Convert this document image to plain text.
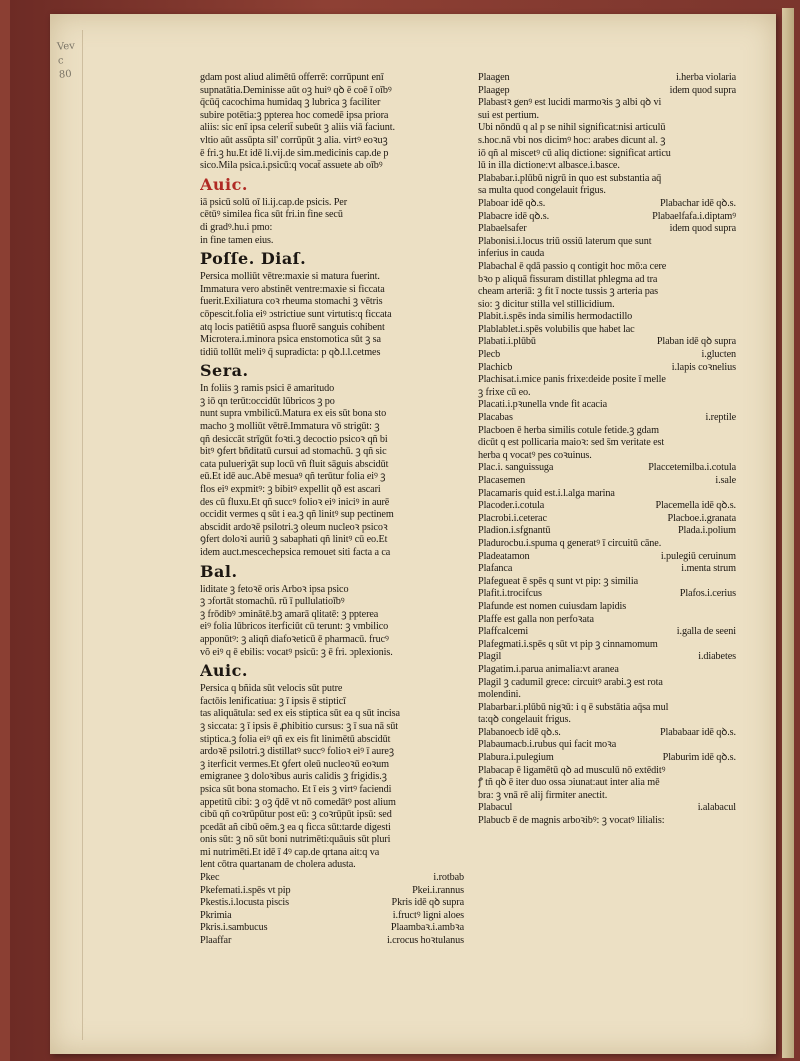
Vev
c
80	gdam post aliud alimētū offerrē: corrūpunt enī

supnatātia.Deminisse aūt oꝫ huiꝰ qꝺ ē coē ī oībꝰ

q̄cūq̄ cacochima humidaq ꝫ lubrica ꝫ faciliter

subire potētia:ꝫ ppterea hoc comedē ipsa priora

aliis: sic enī ipsa celerit̄ subeūt ꝫ aliis viā faciunt.

vltio aūt assūpta sil' corrūpūt ꝫ alia. virtꝰ eoꝛuꝫ

ē fri.ꝫ hu.Et idē li.vij.de sim.medicinis cap.de p

sico.Mila psica.i.psicū:q vocat̄ assuete ab oībꝰ

Auic.

iā psicū solū oī li.ij.cap.de psicis. Per

cētūꝰ similea fica sūt fri.in fine secū

di gradꝰ.hu.i pmo:

in fine tamen eius.

Poſſe. Diaſ.

Persica molliūt vētre:maxie si matura fuerint.

Immatura vero abstinēt ventre:maxie si ficcata

fuerit.Exiliatura coꝛ rheuma stomachi ꝫ vētris

cōpescit.folia eiꝰ ↄstrictiue sunt virtutis:q ficcata

atq locis patiētiū aspsa fluorē sanguis cohibent

Microtera.i.minora psica enstomotica sūt ꝫ sa

tidiū tollūt meliꝰ q̄ supradicta: p qꝺ.l.l.cetmes

Sera.

In foliis ꝫ ramis psici ē amaritudo

ꝫ iō qn terūt:occidūt lūbricos ꝫ po

nunt supra vmbilicū.Matura ex eis sūt bona sto

macho ꝫ molliūt vētrē.Immatura vō strigūt: ꝫ

qñ desiccāt strīgūt foꝛti.ꝫ decoctio psicoꝛ qñ bi

bitꝰ ꝯfert bñditatū cursui ad stomachū. ꝫ qñ sic

cata pulueriʒāt sup locū vñ fluit sāguis abscidūt

eū.Et idē auc.Abē mesuaꝰ qñ terūtur folia eiꝰ ꝫ

flos eiꝰ expmitꝰ: ꝫ bibitꝰ expellit qð est ascari

des cū fluxu.Et qñ succꝰ folioꝛ eiꝰ iniciꝰ in aurē

occidit vermes q sūt i ea.ꝫ qñ linitꝰ sup pectinem

abscidit ardoꝛē psilotri.ꝫ oleum nucleoꝛ psicoꝛ

ꝯfert doloꝛi auriū ꝫ sabaphati qñ linitꝰ cū eo.Et

idem auct.mescechepsica remouet siti facta a ca

Bal.

liditate ꝫ fetoꝛē oris Arboꝛ ipsa psico

ꝫ ↄfortāt stomachū. rū ī pullulatioībꝰ

ꝫ frōdibꝰ ↄminātē.bꝫ amarā qlitatē: ꝫ ppterea

eiꝰ folia lūbricos iterficiūt cū terunt: ꝫ vmbilico

apponūtꝰ: ꝫ aliqñ diafoꝛeticū ē pharmacū. frucꝰ

võ eiꝰ q ē ebilis: vocatꝰ psicū: ꝫ ē fri. ↄplexionis.

Auic.

Persica q bñida sūt velocis sūt putre

factōis lenificatiua: ꝫ ī ipsis ē stipticī

tas aliquātula: sed ex eis stiptica sūt ea q sūt incisa

ꝫ siccata: ꝫ ī ipsis ē ꝓhibitio cursus: ꝫ ī sua nā sūt

stiptica.ꝫ folia eiꝰ qñ ex eis fit linimētū abscidūt

ardoꝛē psilotri.ꝫ distillatꝰ succꝰ folioꝛ eiꝰ ī aureꝫ

ꝫ iterficit vermes.Et ꝯfert oleū nucleoꝛū eoꝛum

emigranee ꝫ doloꝛibus auris calidis ꝫ frigidis.ꝫ

psica sūt bona stomacho. Et ī eis ꝫ virtꝰ faciendi

appetitū cibi: ꝫ oꝫ q̄dē vt nō comedātꝰ post alium

cibū qñ coꝛrūpūtur post eū: ꝫ coꝛrūpūt ipsū: sed

pcedāt añ cibū oēm.ꝫ ea q ficca sūt:tarde digesti

onis sūt: ꝫ nō sūt boni nutrimēti:quāuis sūt pluri

mi nutrimēti.Et idē ī 4ꝰ cap.de qrtana ait:q va

lent cōtra quartanam de cholera adusta.

Pkec	i.rotbab
Pkefemati.i.spēs vt pip	Pkei.i.rannus
Pkestis.i.locusta piscis	Pkris idē qꝺ supra
Pkrimia	i.fructꝰ ligni aloes
Pkris.i.sambucus	Plaambaꝛ.i.ambꝛa
Plaaffar	i.crocus hoꝛtulanus
Plaagen	i.herba violaria
Plaagep	idem quod supra

Plabastꝛ genꝰ est lucidi marmoꝛis ꝫ albi qꝺ vi

sui est pertium.

Ubi nōndū q al p se nihil significat:nisi articulū

s.hoc.nā vbi nos dicimꝰ hoc: arabes dicunt al. ꝫ

iō qñ al miscetꝰ cū aliq dictione: significat articu

lū in illa dictione:vt albasce.i.basce.

Plababar.i.plūbū nigrū in quo est substantia aq̄

sa multa quod congelauit frigus.

Plaboar idē qꝺ.s.	Plabachar idē qꝺ.s.
Plabacre idē qꝺ.s.	Plabaelfafa.i.diptamꝰ
Plabaelsafer	idem quod supra

Plabonisi.i.locus triū ossiū laterum que sunt

inferius in cauda

Plabachal ē qdā passio q contigit hoc mō:a cere

bꝛo p aliquā fissuram distillat phlegma ad tra

cheam arteriā: ꝫ fit ī nocte tussis ꝫ arteria pas

sio: ꝫ dicitur stilla vel stillicidium.

Plabit.i.spēs inda similis hermodactillo

Plablablet.i.spēs volubilis que habet lac

Plabati.i.plūbū	Plaban idē qꝺ supra
Plecb	i.glucten
Plachicb	i.lapis coꝛnelius

Plachisat.i.mice panis frixe:deide posite ī melle

ꝫ frixe cū eo.

Placati.i.pꝛunella vnde fit acacia

Placabas	i.reptile

Placboen ē herba similis cotule fetide.ꝫ gdam

dicūt q est pollicaria maioꝛ: sed s̄m veritate est

herba q vocatꝰ pes coꝛuinus.

Plac.i. sanguissuga	Placcetemilba.i.cotula
Placasemen	i.sale

Placamaris quid est.i.l.alga marina

Placoder.i.cotula	Placemella idē qꝺ.s.
Placrobi.i.ceterac	Placboe.i.granata
Pladion.i.sfgnantū	Plada.i.polium
Pladurocbu.i.spuma q generatꝰ ī circuitū cāne.
Pladeatamon	i.pulegiū ceruinum
Plafanca	i.menta strum
Plafegueat ē spēs q sunt vt pip: ꝫ similia
Plafit.i.trocifcus	Plafos.i.cerius
Plafunde est nomen cuiusdam lapidis
Plaffe est galla non perfoꝛata
Plaffcalcemi	i.galla de seeni
Plafegmati.i.spēs q sūt vt pip ꝫ cinnamomum
Plagil	i.diabetes

Plagatim.i.parua animalia:vt aranea

Plagil ꝫ cadumil grece: circuitꝰ arabi.ꝫ est rota

molendini.

Plabarbar.i.plūbū nigꝛū: i q ē substātia aq̄sa mul

ta:qꝺ congelauit frigus.

Plabanoecb idē qꝺ.s.	Plababaar idē qꝺ.s.
Plabaumacb.i.rubus qui facit moꝛa
Plabura.i.pulegium	Plaburim idē qꝺ.s.

Plabacap ē ligamētū qꝺ ad musculū nō extēditꝰ

ꝭ tñ qꝺ ē iter duo ossa ↄiunat:aut inter alia mē

bra: ꝫ vnā rē alij firmiter anectit.

Plabacul	i.alabacul

Plabucb ē de magnis arboꝛibꝰ: ꝫ vocatꝰ lilialis:
